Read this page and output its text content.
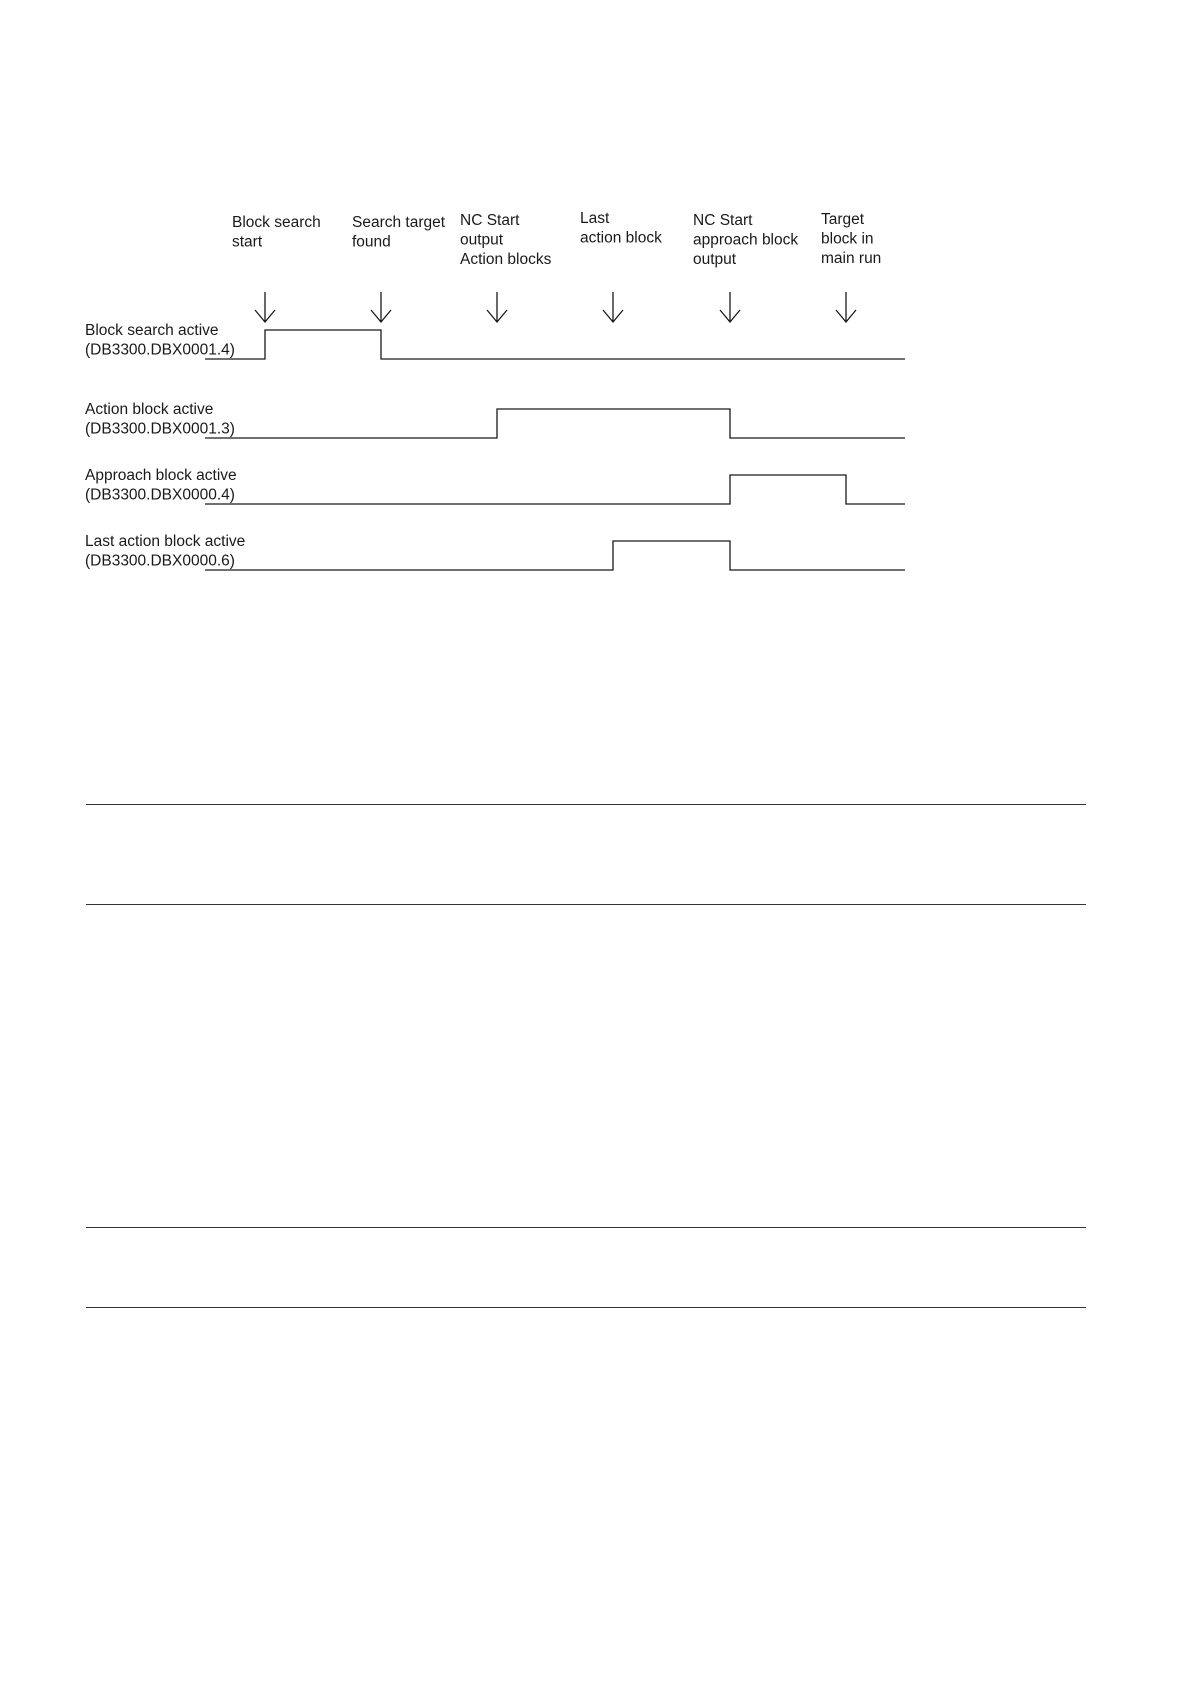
Block search start
Search target found
NC Start output Action blocks
Last action block
NC Start approach block output
Target block in main run
Block search active
(DB3300.DBX0001.4)
Action block active
(DB3300.DBX0001.3)
Approach block active
(DB3300.DBX0000.4)
Last action block active
(DB3300.DBX0000.6)
